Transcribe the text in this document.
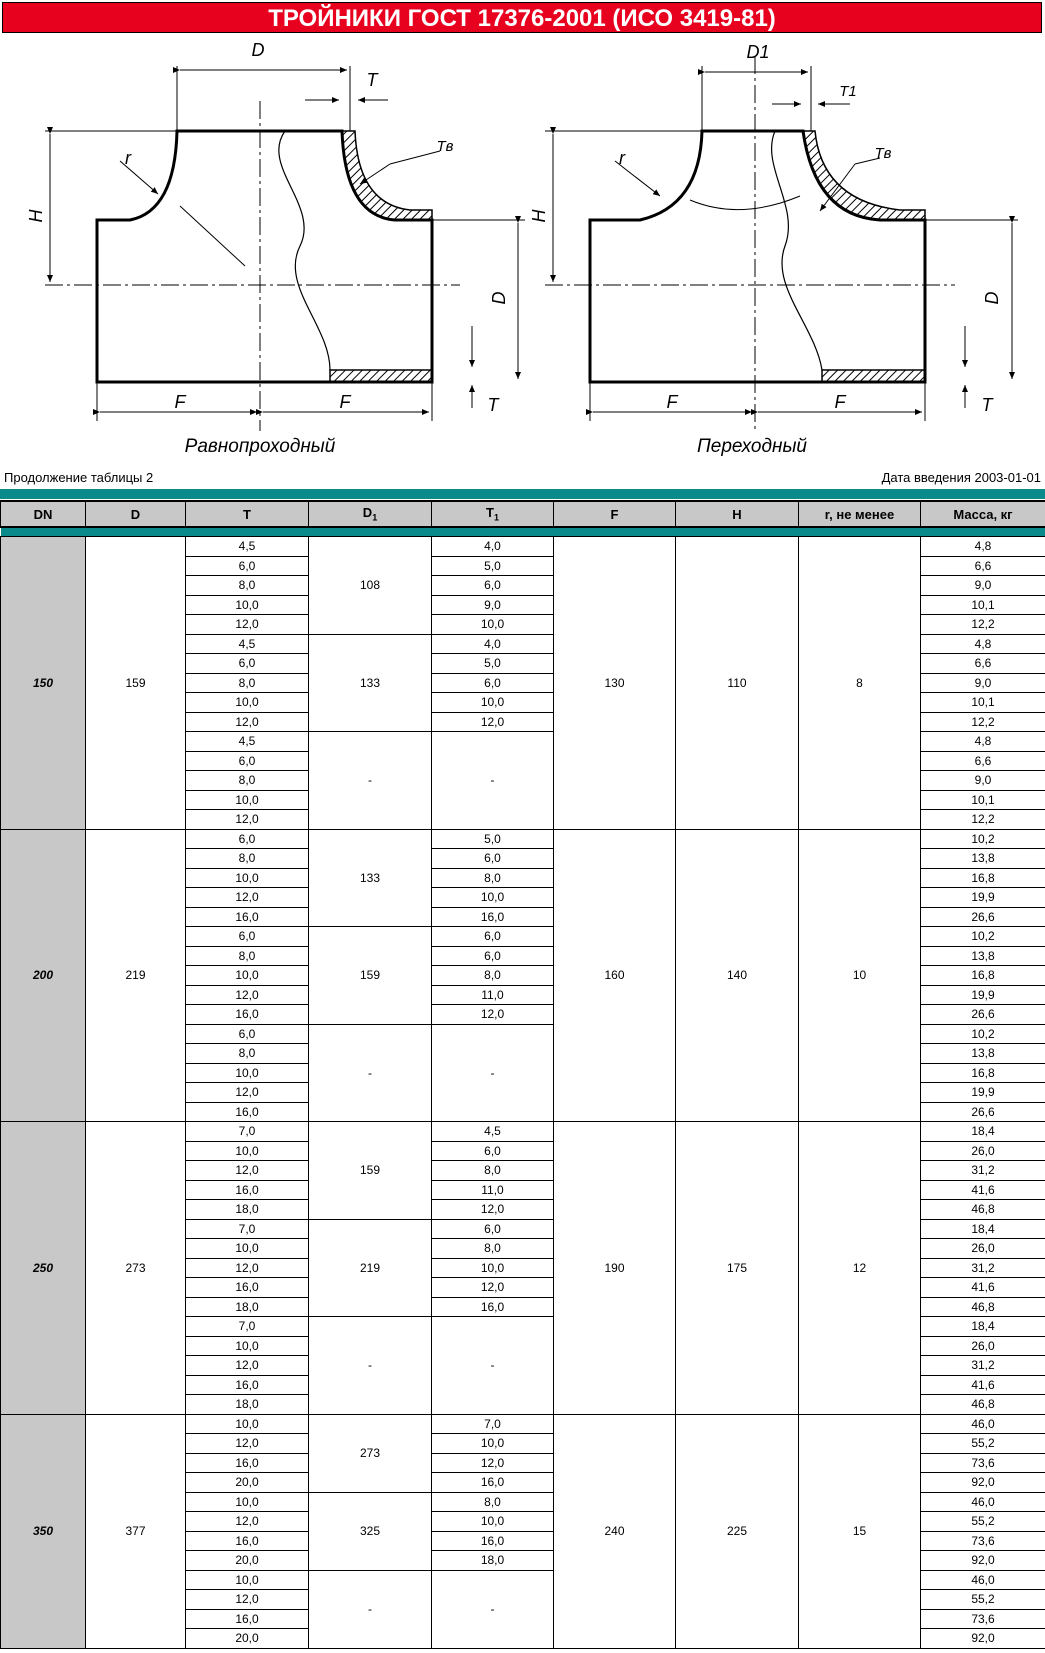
ТРОЙНИКИ ГОСТ 17376-2001 (ИСО 3419-81)
D
T
H
D
F	F	T
r
Tв
Равнопроходный
D1
T1
H
D
F	F	T
r	Tв
Переходный
Продолжение таблицы 2	Дата введения 2003-01-01
DN	D	T	$D_1$	$T_1$	F	H	r, не менее	Масса, кг

150	159	4,5	108	4,0	130	110	8	4,8
		6,0		5,0				6,6
		8,0		6,0				9,0
		10,0		9,0				10,1
		12,0		10,0				12,2
		4,5	133	4,0				4,8
		6,0		5,0				6,6
		8,0		6,0				9,0
		10,0		10,0				10,1
		12,0		12,0				12,2
		4,5	-	-				4,8
		6,0						6,6
		8,0						9,0
		10,0						10,1
		12,0						12,2
200	219	6,0	133	5,0	160	140	10	10,2
		8,0		6,0				13,8
		10,0		8,0				16,8
		12,0		10,0				19,9
		16,0		16,0				26,6
		6,0	159	6,0				10,2
		8,0		6,0				13,8
		10,0		8,0				16,8
		12,0		11,0				19,9
		16,0		12,0				26,6
		6,0	-	-				10,2
		8,0						13,8
		10,0						16,8
		12,0						19,9
		16,0						26,6
250	273	7,0	159	4,5	190	175	12	18,4
		10,0		6,0				26,0
		12,0		8,0				31,2
		16,0		11,0				41,6
		18,0		12,0				46,8
		7,0	219	6,0				18,4
		10,0		8,0				26,0
		12,0		10,0				31,2
		16,0		12,0				41,6
		18,0		16,0				46,8
		7,0	-	-				18,4
		10,0						26,0
		12,0						31,2
		16,0						41,6
		18,0						46,8
350	377	10,0	273	7,0	240	225	15	46,0
		12,0		10,0				55,2
		16,0		12,0				73,6
		20,0		16,0				92,0
		10,0	325	8,0				46,0
		12,0		10,0				55,2
		16,0		16,0				73,6
		20,0		18,0				92,0
		10,0	-	-				46,0
		12,0						55,2
		16,0						73,6
		20,0						92,0
